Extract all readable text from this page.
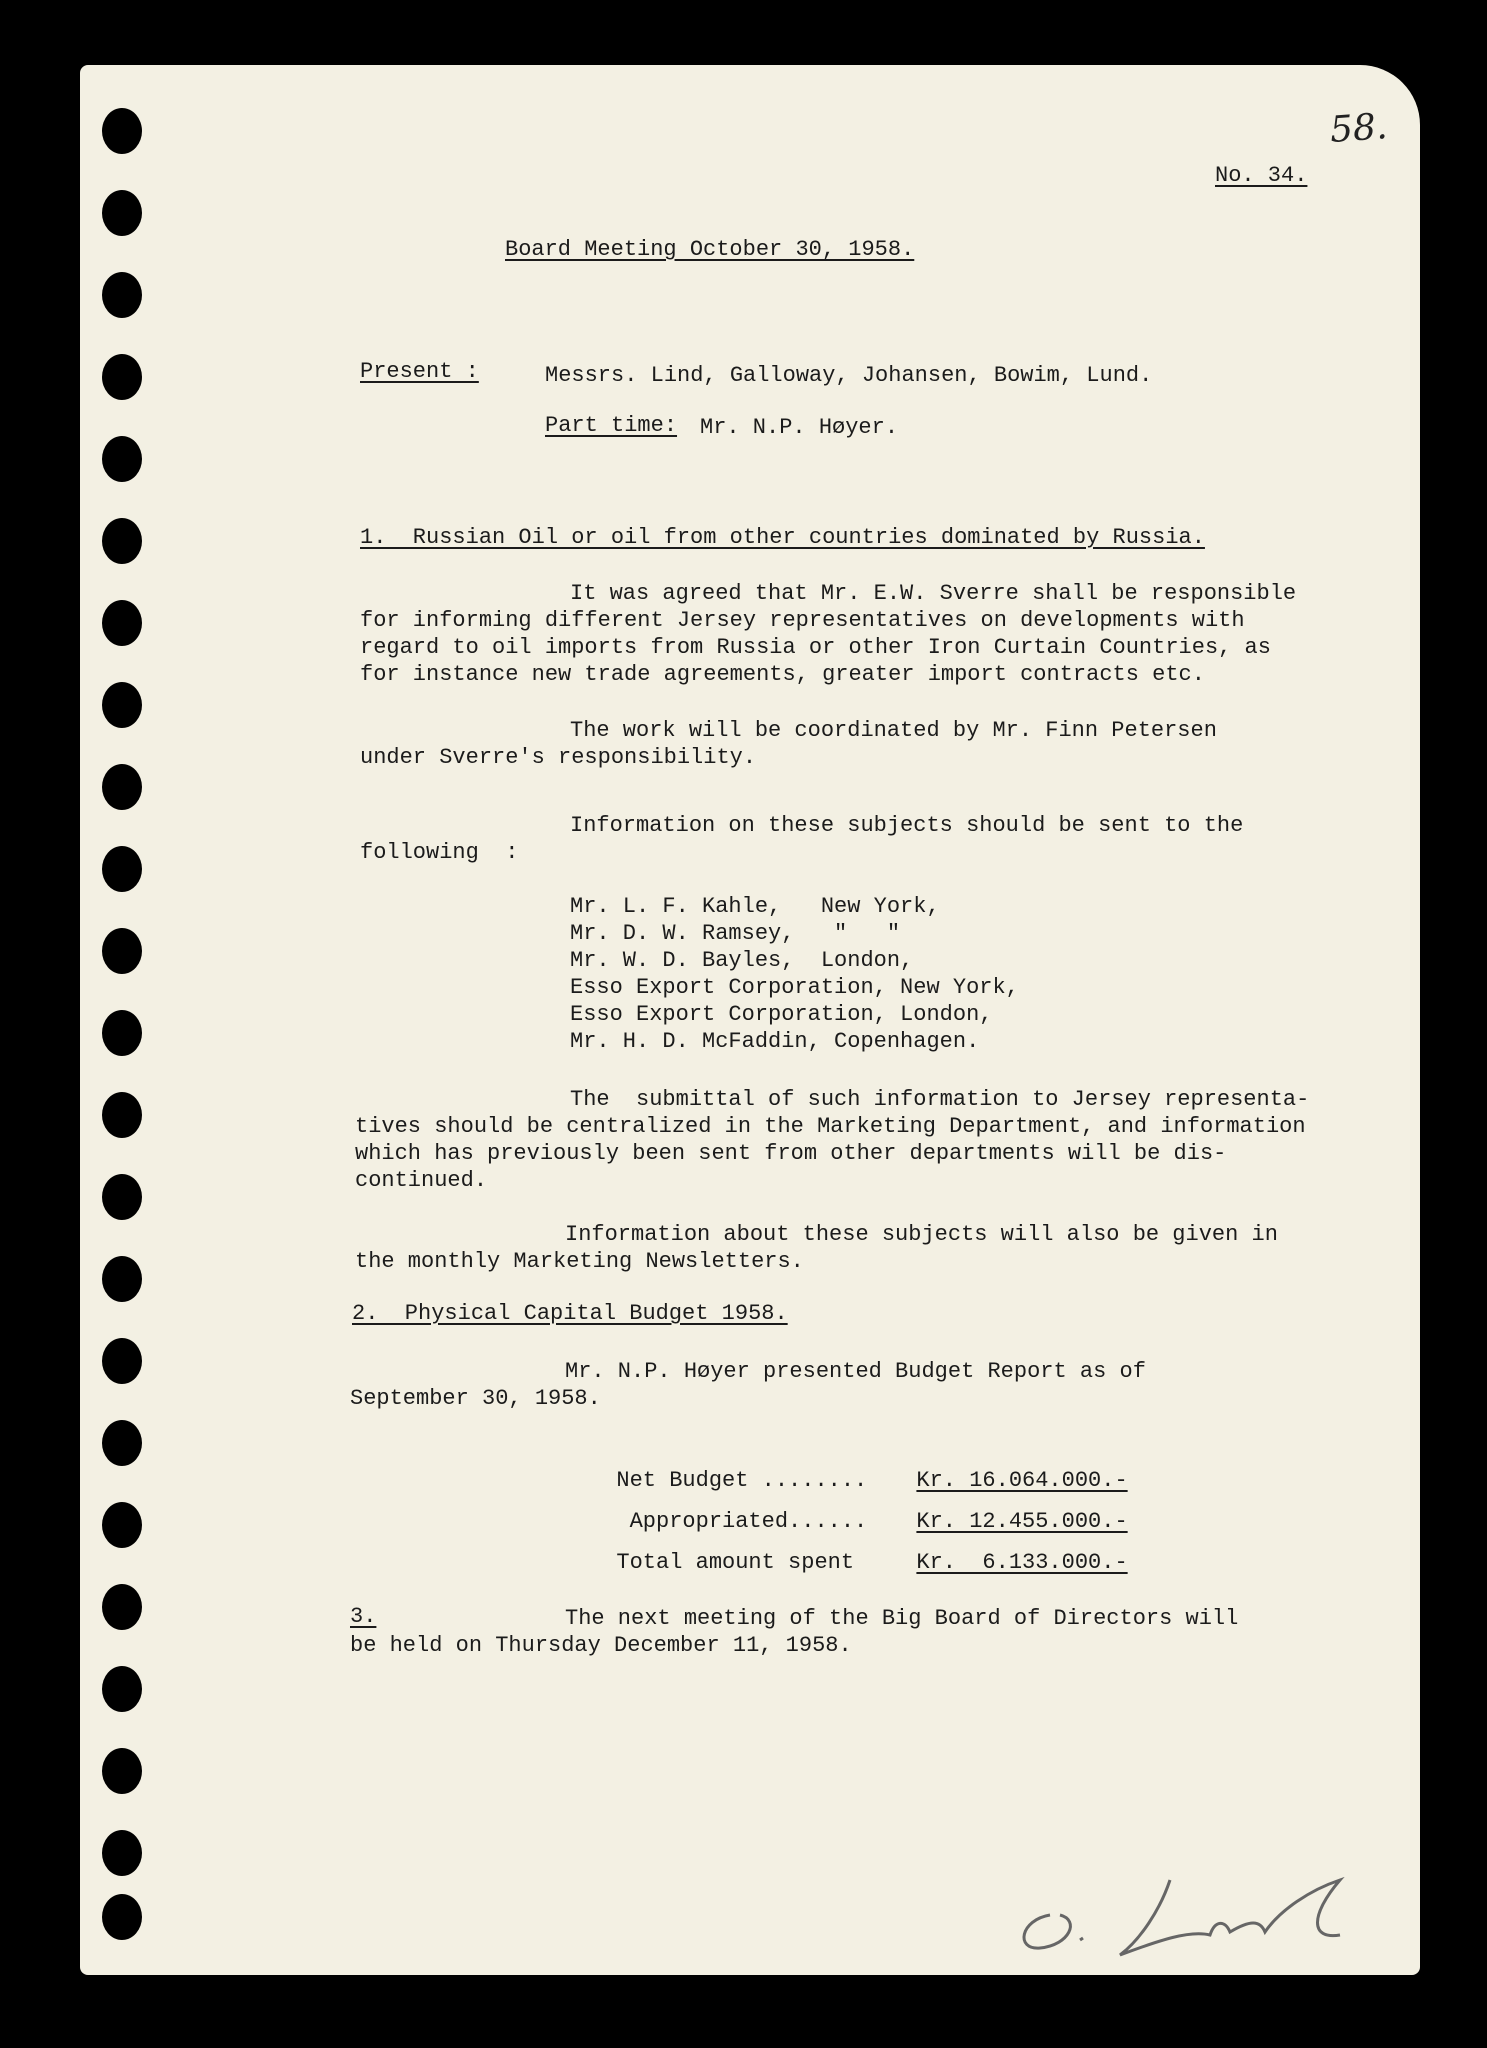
58.
No. 34.
Board Meeting October 30, 1958.
Present :	Messrs. Lind, Galloway, Johansen, Bowim, Lund.
Part time: Mr. N.P. Høyer.
1.  Russian Oil or oil from other countries dominated by Russia.
It was agreed that Mr. E.W. Sverre shall be responsible
for informing different Jersey representatives on developments with
regard to oil imports from Russia or other Iron Curtain Countries, as
for instance new trade agreements, greater import contracts etc.
The work will be coordinated by Mr. Finn Petersen
under Sverre's responsibility.
Information on these subjects should be sent to the
following  :
Mr. L. F. Kahle,   New York,
Mr. D. W. Ramsey,   "   "
Mr. W. D. Bayles,  London,
Esso Export Corporation, New York,
Esso Export Corporation, London,
Mr. H. D. McFaddin, Copenhagen.
The  submittal of such information to Jersey representa-
tives should be centralized in the Marketing Department, and information
which has previously been sent from other departments will be dis-
continued.
Information about these subjects will also be given in
the monthly Marketing Newsletters.
2.  Physical Capital Budget 1958.
Mr. N.P. Høyer presented Budget Report as of
September 30, 1958.

Net Budget ........ Kr. 16.064.000.-

Appropriated...... Kr. 12.455.000.-

Total amount spent	Kr.  6.133.000.-

3.	The next meeting of the Big Board of Directors will
be held on Thursday December 11, 1958.
